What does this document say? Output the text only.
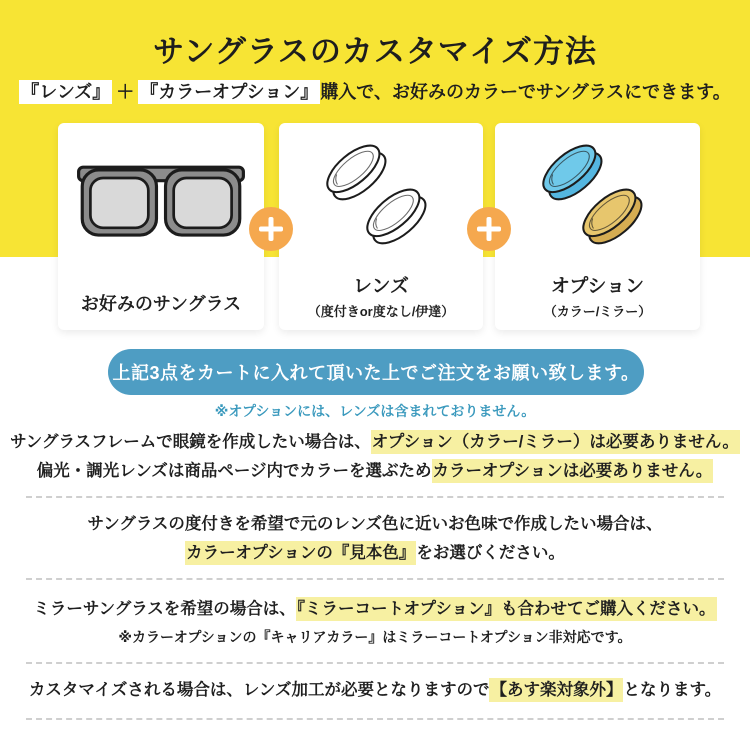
サングラスのカスタマイズ方法

『レンズ』 ＋ 『カラーオプション』 購入で、お好みのカラーでサングラスにできます。

お好みのサングラス

レンズ

（度付きor度なし/伊達）

オプション

（カラー/ミラー）

上記3点をカートに入れて頂いた上でご注文をお願い致します。

※オプションには、レンズは含まれておりません。

サングラスフレームで眼鏡を作成したい場合は、オプション（カラー/ミラー）は必要ありません。
偏光・調光レンズは商品ページ内でカラーを選ぶためカラーオプションは必要ありません。

サングラスの度付きを希望で元のレンズ色に近いお色味で作成したい場合は、
カラーオプションの『見本色』をお選びください。

ミラーサングラスを希望の場合は、『ミラーコートオプション』も合わせてご購入ください。
※カラーオプションの『キャリアカラー』はミラーコートオプション非対応です。

カスタマイズされる場合は、レンズ加工が必要となりますので【あす楽対象外】となります。
